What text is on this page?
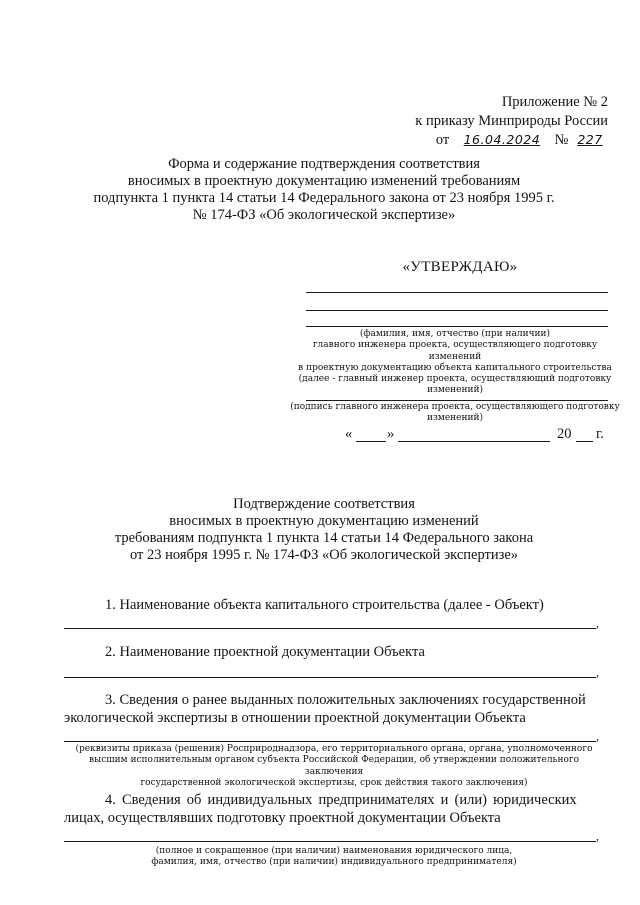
Приложение № 2
к приказу Минприроды России
от 16.04.2024 № 227
Форма и содержание подтверждения соответствия
вносимых в проектную документацию изменений требованиям
подпункта 1 пункта 14 статьи 14 Федерального закона от 23 ноября 1995 г.
№ 174-ФЗ «Об экологической экспертизе»
«УТВЕРЖДАЮ»
(фамилия, имя, отчество (при наличии)
главного инженера проекта, осуществляющего подготовку изменений
в проектную документацию объекта капитального строительства
(далее - главный инженер проекта, осуществляющий подготовку
изменений)
(подпись главного инженера проекта, осуществляющего подготовку
изменений)
« »	20 г.
Подтверждение соответствия
вносимых в проектную документацию изменений
требованиям подпункта 1 пункта 14 статьи 14 Федерального закона
от 23 ноября 1995 г. № 174-ФЗ «Об экологической экспертизе»
1. Наименование объекта капитального строительства (далее - Объект)
,
2. Наименование проектной документации Объекта
,
3. Сведения о ранее выданных положительных заключениях государственной
экологической экспертизы в отношении проектной документации Объекта
,
(реквизиты приказа (решения) Росприроднадзора, его территориального органа, органа, уполномоченного
высшим исполнительным органом субъекта Российской Федерации, об утверждении положительного заключения
государственной экологической экспертизы, срок действия такого заключения)
4. Сведения об индивидуальных предпринимателях и (или) юридических
лицах, осуществлявших подготовку проектной документации Объекта
,
(полное и сокращенное (при наличии) наименования юридического лица,
фамилия, имя, отчество (при наличии) индивидуального предпринимателя)
